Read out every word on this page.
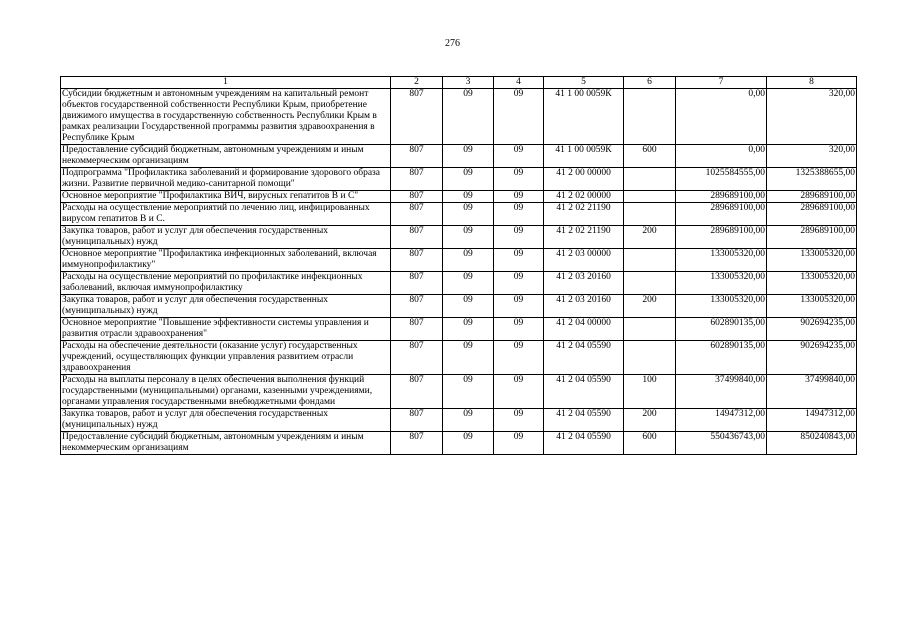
276
1	2	3	4	5	6	7	8
Субсидии бюджетным и автономным учреждениям на капитальный ремонт объектов государственной собственности Республики Крым, приобретение движимого имущества в государственную собственность Республики Крым в рамках реализации Государственной программы развития здравоохранения в Республике Крым	807	09	09	41 1 00 0059К		0,00	320,00
Предоставление субсидий бюджетным, автономным учреждениям и иным некоммерческим организациям	807	09	09	41 1 00 0059К	600	0,00	320,00
Подпрограмма "Профилактика заболеваний и формирование здорового образа жизни. Развитие первичной медико-санитарной помощи"	807	09	09	41 2 00 00000		1025584555,00	1325388655,00
Основное мероприятие "Профилактика ВИЧ, вирусных гепатитов В и С"	807	09	09	41 2 02 00000		289689100,00	289689100,00
Расходы на осуществление мероприятий по лечению лиц, инфицированных вирусом гепатитов В и С.	807	09	09	41 2 02 21190		289689100,00	289689100,00
Закупка товаров, работ и услуг для обеспечения государственных (муниципальных) нужд	807	09	09	41 2 02 21190	200	289689100,00	289689100,00
Основное мероприятие "Профилактика инфекционных заболеваний, включая иммунопрофилактику"	807	09	09	41 2 03 00000		133005320,00	133005320,00
Расходы на осуществление мероприятий по профилактике инфекционных заболеваний, включая иммунопрофилактику	807	09	09	41 2 03 20160		133005320,00	133005320,00
Закупка товаров, работ и услуг для обеспечения государственных (муниципальных) нужд	807	09	09	41 2 03 20160	200	133005320,00	133005320,00
Основное мероприятие "Повышение эффективности системы управления и развития отрасли здравоохранения"	807	09	09	41 2 04 00000		602890135,00	902694235,00
Расходы на обеспечение деятельности (оказание услуг) государственных учреждений, осуществляющих функции управления развитием отрасли здравоохранения	807	09	09	41 2 04 05590		602890135,00	902694235,00
Расходы на выплаты персоналу в целях обеспечения выполнения функций государственными (муниципальными) органами, казенными учреждениями, органами управления государственными внебюджетными фондами	807	09	09	41 2 04 05590	100	37499840,00	37499840,00
Закупка товаров, работ и услуг для обеспечения государственных (муниципальных) нужд	807	09	09	41 2 04 05590	200	14947312,00	14947312,00
Предоставление субсидий бюджетным, автономным учреждениям и иным некоммерческим организациям	807	09	09	41 2 04 05590	600	550436743,00	850240843,00
